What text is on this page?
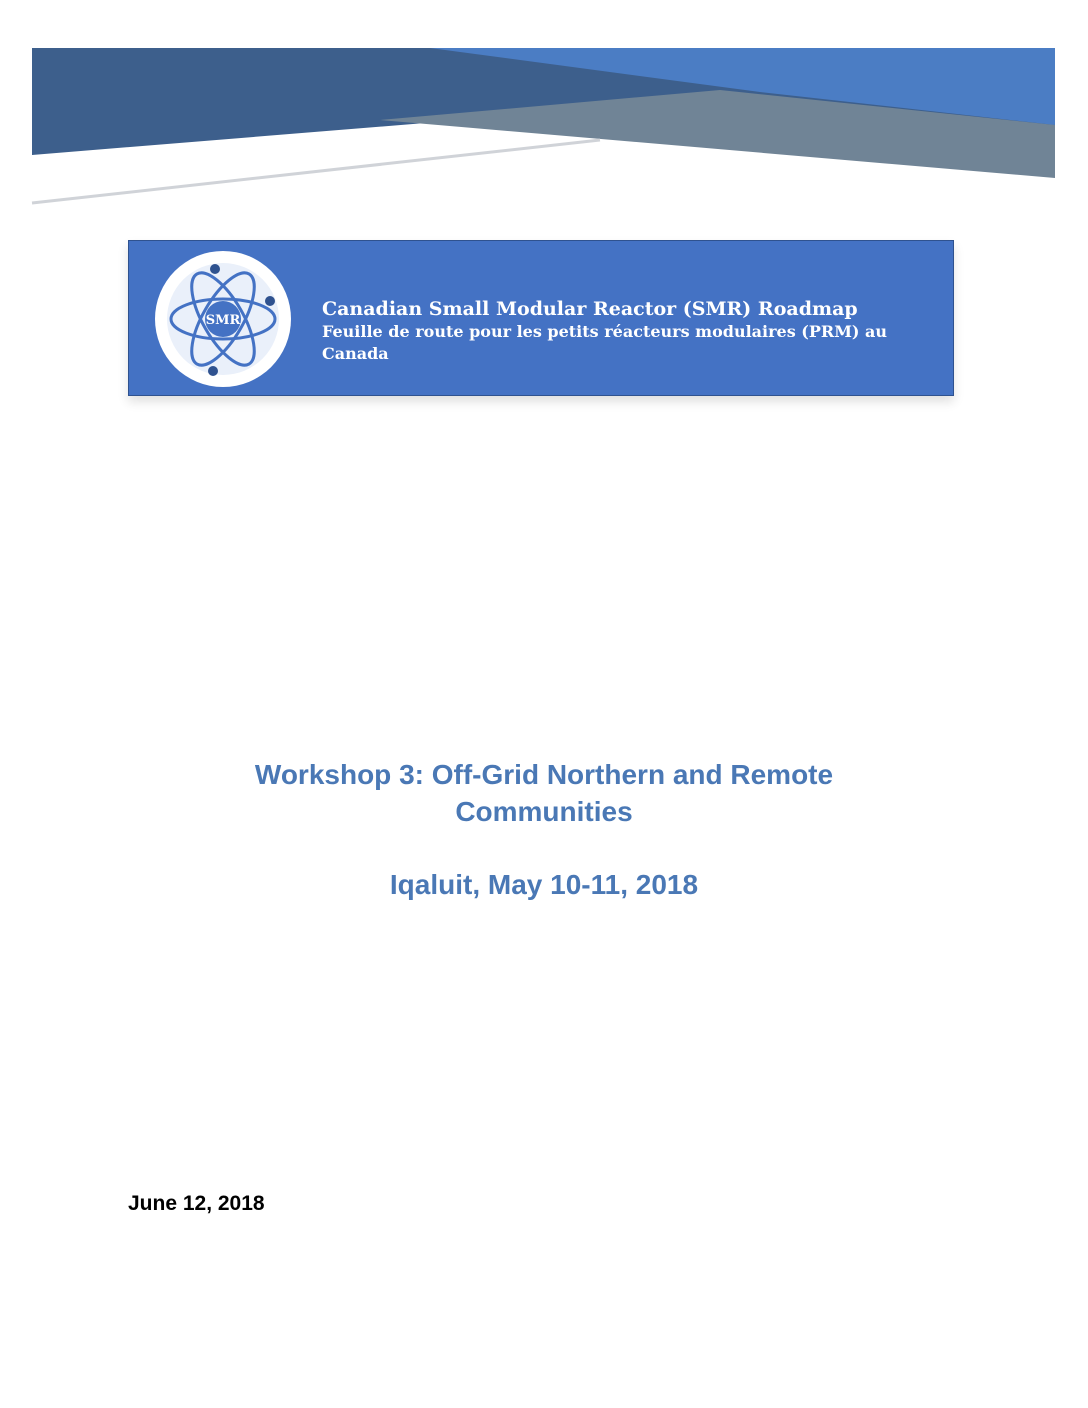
SMR
Canadian Small Modular Reactor (SMR) Roadmap
Feuille de route pour les petits réacteurs modulaires (PRM) au Canada
Workshop 3: Off-Grid Northern and Remote
Communities
Iqaluit, May 10-11, 2018
June 12, 2018
